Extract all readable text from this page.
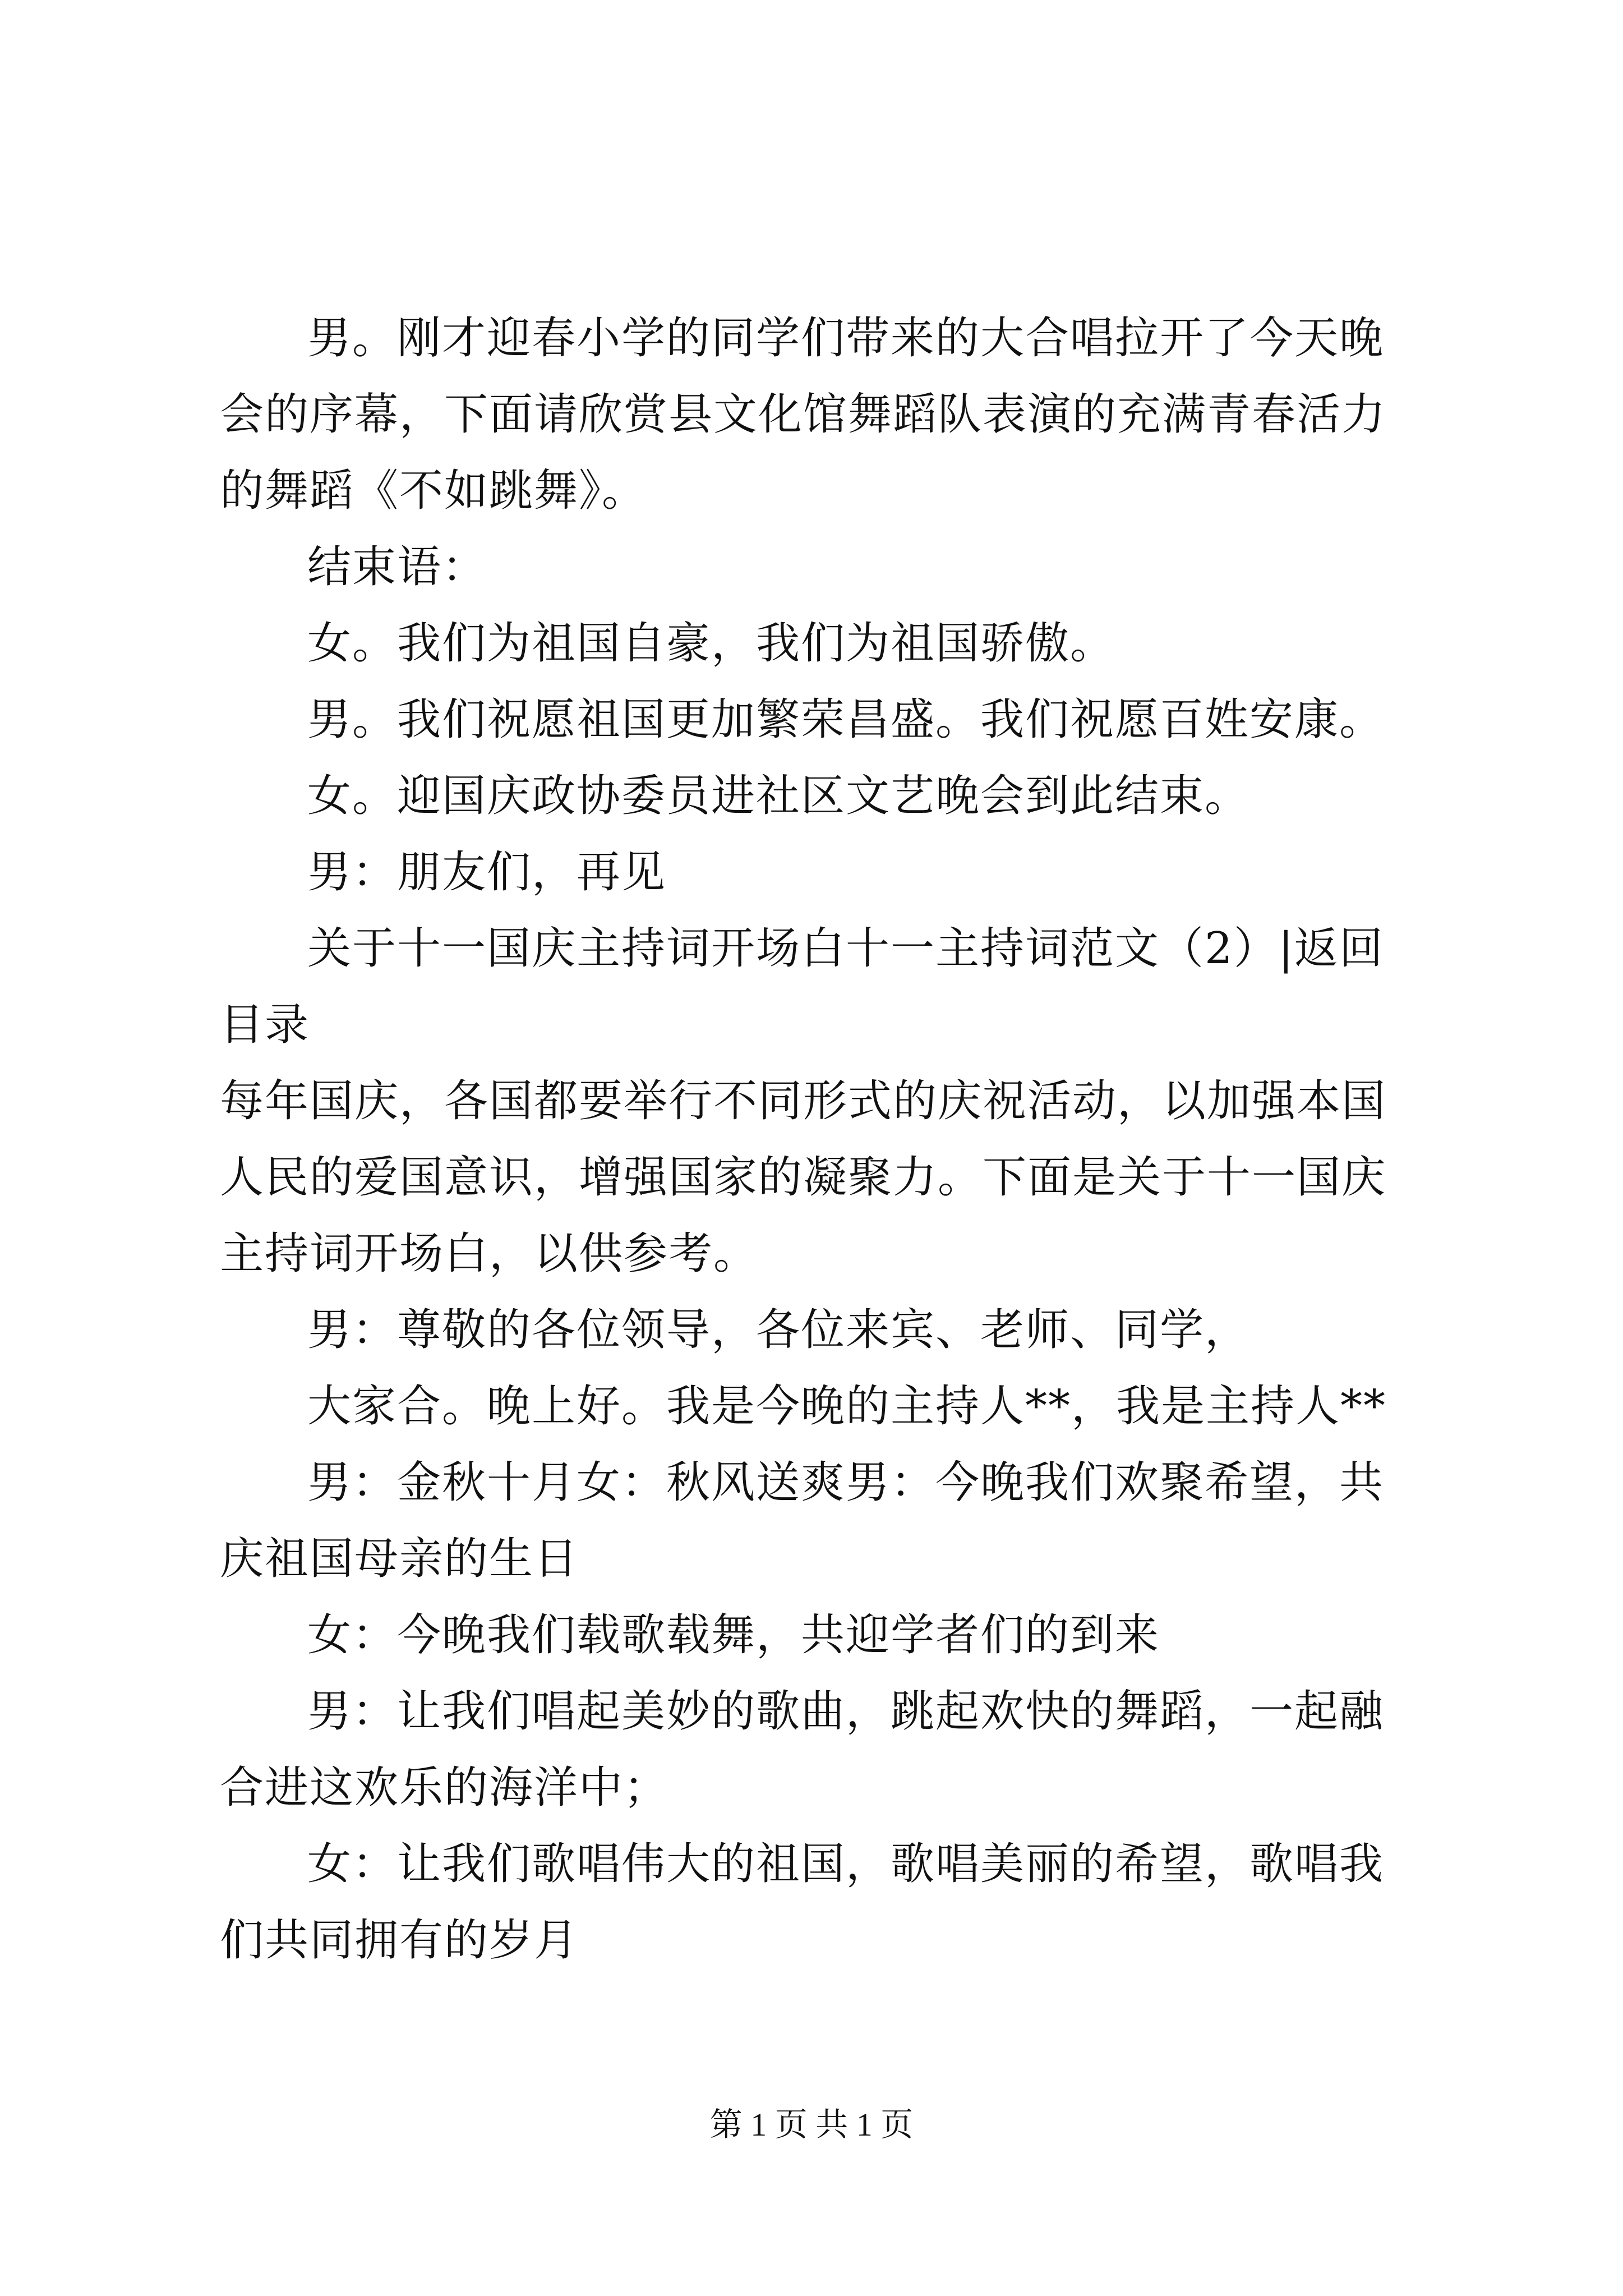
男。刚才迎春小学的同学们带来的大合唱拉开了今天晚会的序幕，下面请欣赏县文化馆舞蹈队表演的充满青春活力的舞蹈《不如跳舞》。

结束语：

女。我们为祖国自豪，我们为祖国骄傲。

男。我们祝愿祖国更加繁荣昌盛。我们祝愿百姓安康。

女。迎国庆政协委员进社区文艺晚会到此结束。

男：朋友们，再见

关于十一国庆主持词开场白十一主持词范文（2）|返回目录

每年国庆，各国都要举行不同形式的庆祝活动，以加强本国人民的爱国意识，增强国家的凝聚力。下面是关于十一国庆主持词开场白，以供参考。

男：尊敬的各位领导，各位来宾、老师、同学，

大家合。晚上好。我是今晚的主持人**，我是主持人**

男：金秋十月女：秋风送爽男：今晚我们欢聚希望，共庆祖国母亲的生日

女：今晚我们载歌载舞，共迎学者们的到来

男：让我们唱起美妙的歌曲，跳起欢快的舞蹈，一起融合进这欢乐的海洋中；

女：让我们歌唱伟大的祖国，歌唱美丽的希望，歌唱我们共同拥有的岁月

第 1 页 共 1 页
